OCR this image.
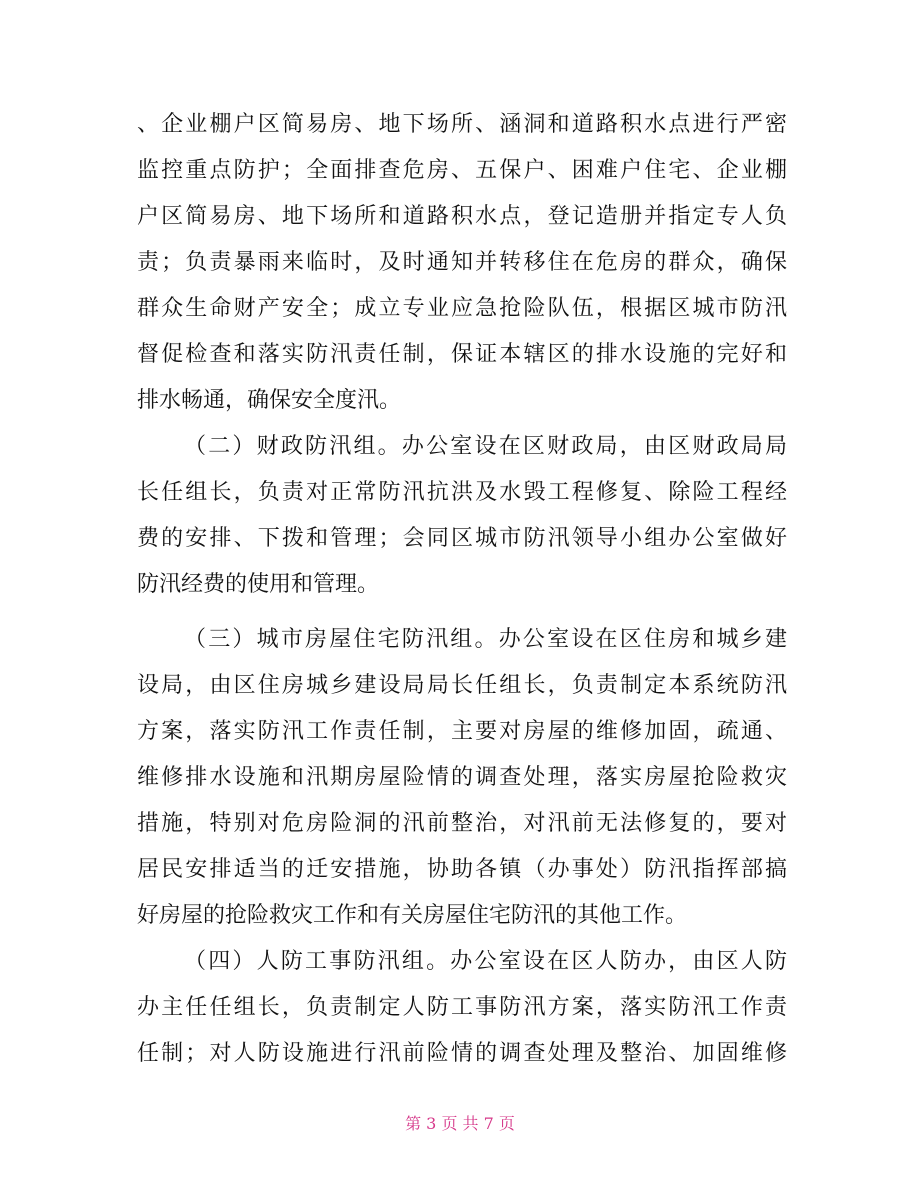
、企业棚户区简易房、地下场所、涵洞和道路积水点进行严密
监控重点防护；全面排查危房、五保户、困难户住宅、企业棚
户区简易房、地下场所和道路积水点，登记造册并指定专人负
责；负责暴雨来临时，及时通知并转移住在危房的群众，确保
群众生命财产安全；成立专业应急抢险队伍，根据区城市防汛
督促检查和落实防汛责任制，保证本辖区的排水设施的完好和
排水畅通，确保安全度汛。
（二）财政防汛组。办公室设在区财政局，由区财政局局
长任组长，负责对正常防汛抗洪及水毁工程修复、除险工程经
费的安排、下拨和管理；会同区城市防汛领导小组办公室做好
防汛经费的使用和管理。
（三）城市房屋住宅防汛组。办公室设在区住房和城乡建
设局，由区住房城乡建设局局长任组长，负责制定本系统防汛
方案，落实防汛工作责任制，主要对房屋的维修加固，疏通、
维修排水设施和汛期房屋险情的调查处理，落实房屋抢险救灾
措施，特别对危房险洞的汛前整治，对汛前无法修复的，要对
居民安排适当的迁安措施，协助各镇（办事处）防汛指挥部搞
好房屋的抢险救灾工作和有关房屋住宅防汛的其他工作。
（四）人防工事防汛组。办公室设在区人防办，由区人防
办主任任组长，负责制定人防工事防汛方案，落实防汛工作责
任制；对人防设施进行汛前险情的调查处理及整治、加固维修
第 3 页 共 7 页
